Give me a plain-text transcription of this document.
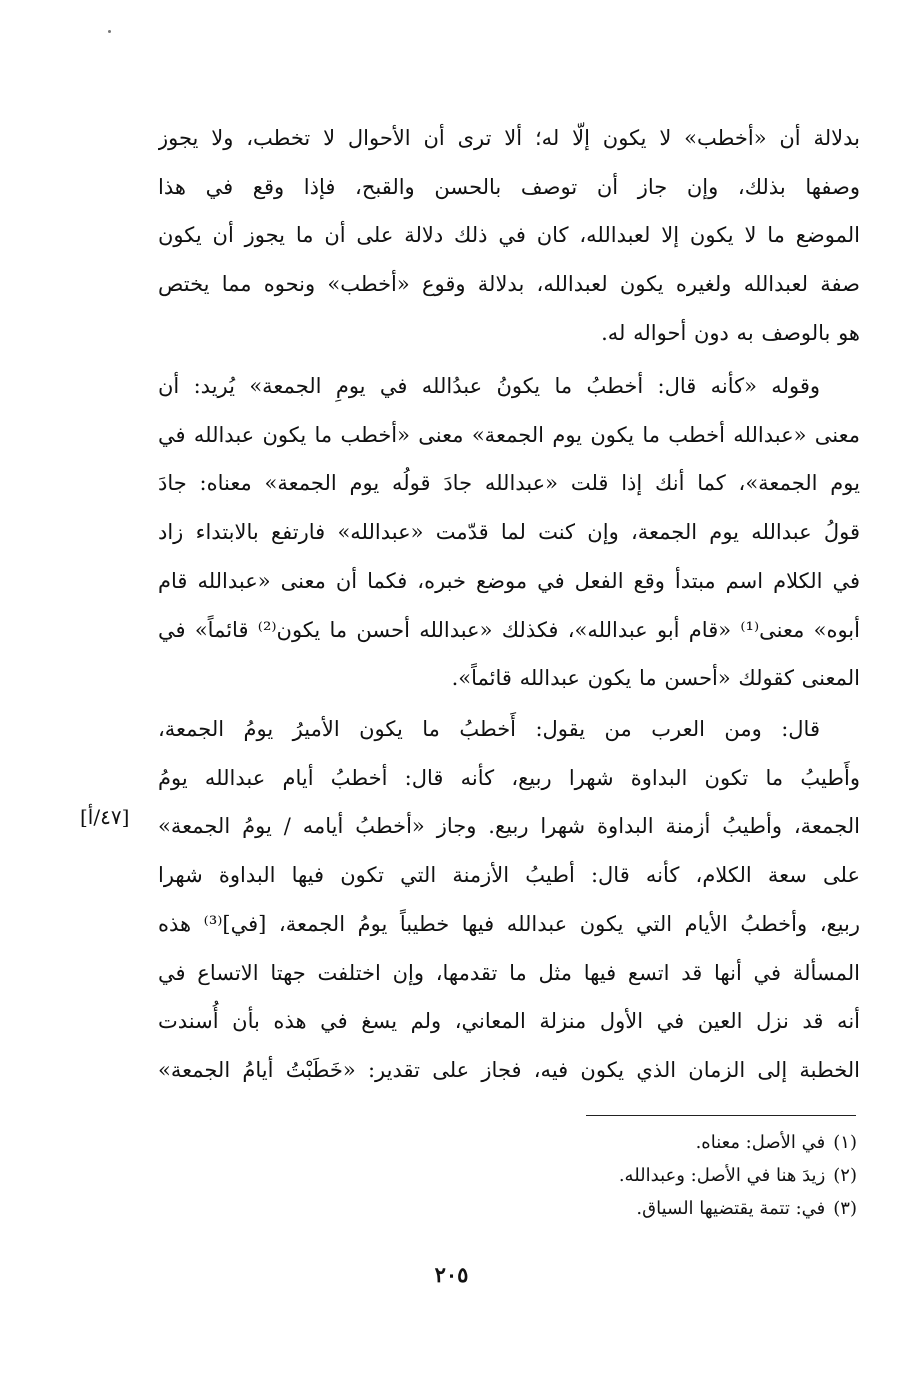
بدلالة أن «أخطب» لا يكون إلّا له؛ ألا ترى أن الأحوال لا تخطب، ولا يجوز
وصفها بذلك، وإن جاز أن توصف بالحسن والقبح، فإذا وقع في هذا
الموضع ما لا يكون إلا لعبدالله، كان في ذلك دلالة على أن ما يجوز أن يكون
صفة لعبدالله ولغيره يكون لعبدالله، بدلالة وقوع «أخطب» ونحوه مما يختص
هو بالوصف به دون أحواله له.
وقوله «كأنه قال: أخطبُ ما يكونُ عبدُالله في يومِ الجمعة» يُريد: أن
معنى «عبدالله أخطب ما يكون يوم الجمعة» معنى «أخطب ما يكون عبدالله في
يوم الجمعة»، كما أنك إذا قلت «عبدالله جادَ قولُه يوم الجمعة» معناه: جادَ
قولُ عبدالله يوم الجمعة، وإن كنت لما قدّمت «عبدالله» فارتفع بالابتداء زاد
في الكلام اسم مبتدأ وقع الفعل في موضع خبره، فكما أن معنى «عبدالله قام
أبوه» معنى⁽¹⁾ «قام أبو عبدالله»، فكذلك «عبدالله أحسن ما يكون⁽²⁾ قائماً» في
المعنى كقولك «أحسن ما يكون عبدالله قائماً».
قال: ومن العرب من يقول: أَخطبُ ما يكون الأميرُ يومُ الجمعة،
وأَطيبُ ما تكون البداوة شهرا ربيع، كأنه قال: أخطبُ أيام عبدالله يومُ
الجمعة، وأطيبُ أزمنة البداوة شهرا ربيع. وجاز «أخطبُ أيامه / يومُ الجمعة»
على سعة الكلام، كأنه قال: أطيبُ الأزمنة التي تكون فيها البداوة شهرا
ربيع، وأخطبُ الأيام التي يكون عبدالله فيها خطيباً يومُ الجمعة، [في]⁽³⁾ هذه
المسألة في أنها قد اتسع فيها مثل ما تقدمها، وإن اختلفت جهتا الاتساع في
أنه قد نزل العين في الأول منزلة المعاني، ولم يسغ في هذه بأن أُسندت
الخطبة إلى الزمان الذي يكون فيه، فجاز على تقدير: «خَطَبْتُ أيامُ الجمعة»
[٤٧/أ]
(١)في الأصل: معناه.
(٢)زيدَ هنا في الأصل: وعبدالله.
(٣)في: تتمة يقتضيها السياق.
٢٠٥
